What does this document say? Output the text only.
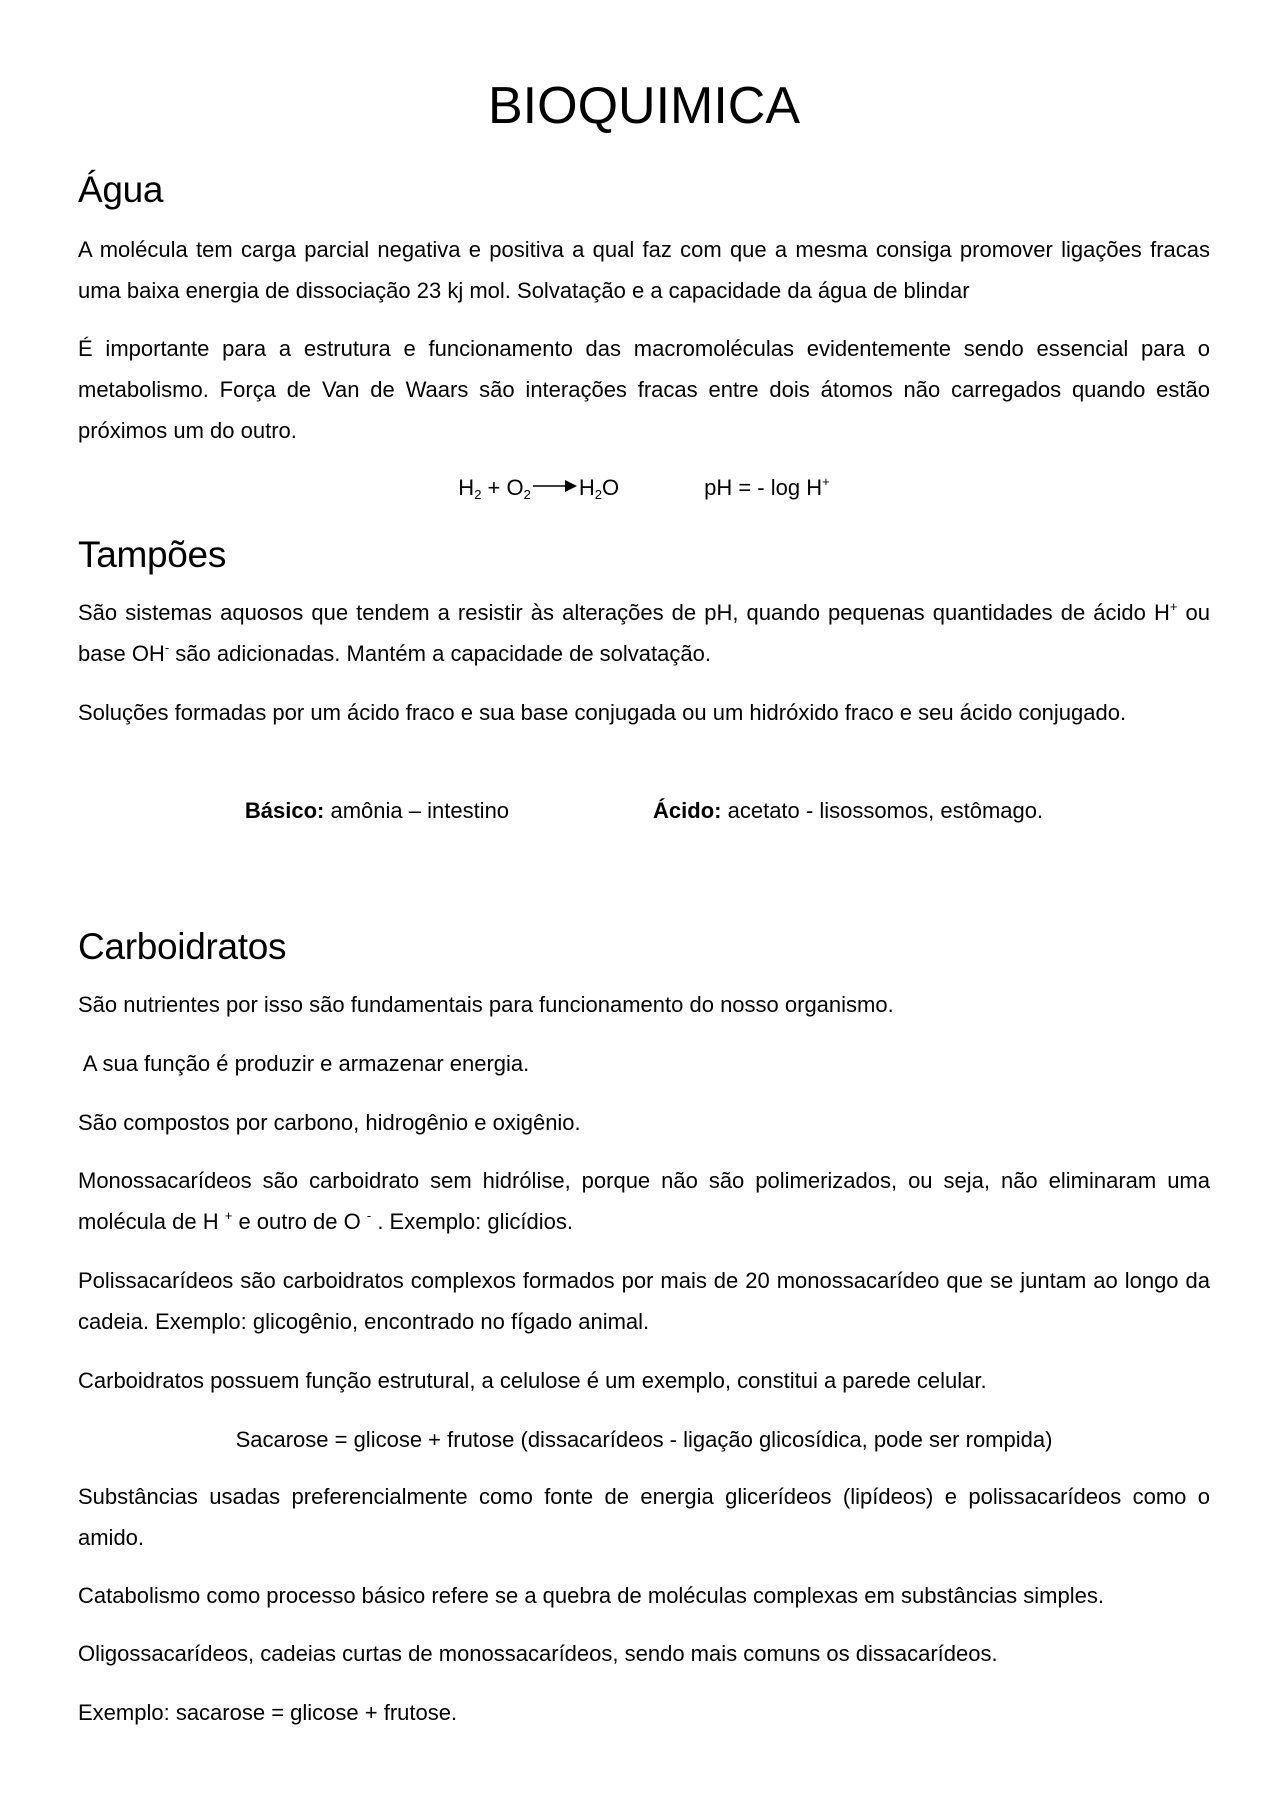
BIOQUIMICA
Água

A molécula tem carga parcial negativa e positiva a qual faz com que a mesma consiga promover ligações fracas uma baixa energia de dissociação 23 kj mol. Solvatação e a capacidade da água de blindar

É importante para a estrutura e funcionamento das macromoléculas evidentemente sendo essencial para o metabolismo. Força de Van de Waars são interações fracas entre dois átomos não carregados quando estão próximos um do outro.

$H_2 + O_2 \to H_2O$	pH = - log H+
Tampões

São sistemas aquosos que tendem a resistir às alterações de pH, quando pequenas quantidades de ácido H+ ou base OH- são adicionadas. Mantém a capacidade de solvatação.

Soluções formadas por um ácido fraco e sua base conjugada ou um hidróxido fraco e seu ácido conjugado.

Básico: amônia – intestino	Ácido: acetato - lisossomos, estômago.
Carboidratos

São nutrientes por isso são fundamentais para funcionamento do nosso organismo.

A sua função é produzir e armazenar energia.

São compostos por carbono, hidrogênio e oxigênio.

Monossacarídeos são carboidrato sem hidrólise, porque não são polimerizados, ou seja, não eliminaram uma molécula de H + e outro de O - . Exemplo: glicídios.

Polissacarídeos são carboidratos complexos formados por mais de 20 monossacarídeo que se juntam ao longo da cadeia. Exemplo: glicogênio, encontrado no fígado animal.

Carboidratos possuem função estrutural, a celulose é um exemplo, constitui a parede celular.

Sacarose = glicose + frutose (dissacarídeos - ligação glicosídica, pode ser rompida)

Substâncias usadas preferencialmente como fonte de energia glicerídeos (lipídeos) e polissacarídeos como o amido.

Catabolismo como processo básico refere se a quebra de moléculas complexas em substâncias simples.

Oligossacarídeos, cadeias curtas de monossacarídeos, sendo mais comuns os dissacarídeos.

Exemplo: sacarose = glicose + frutose.
